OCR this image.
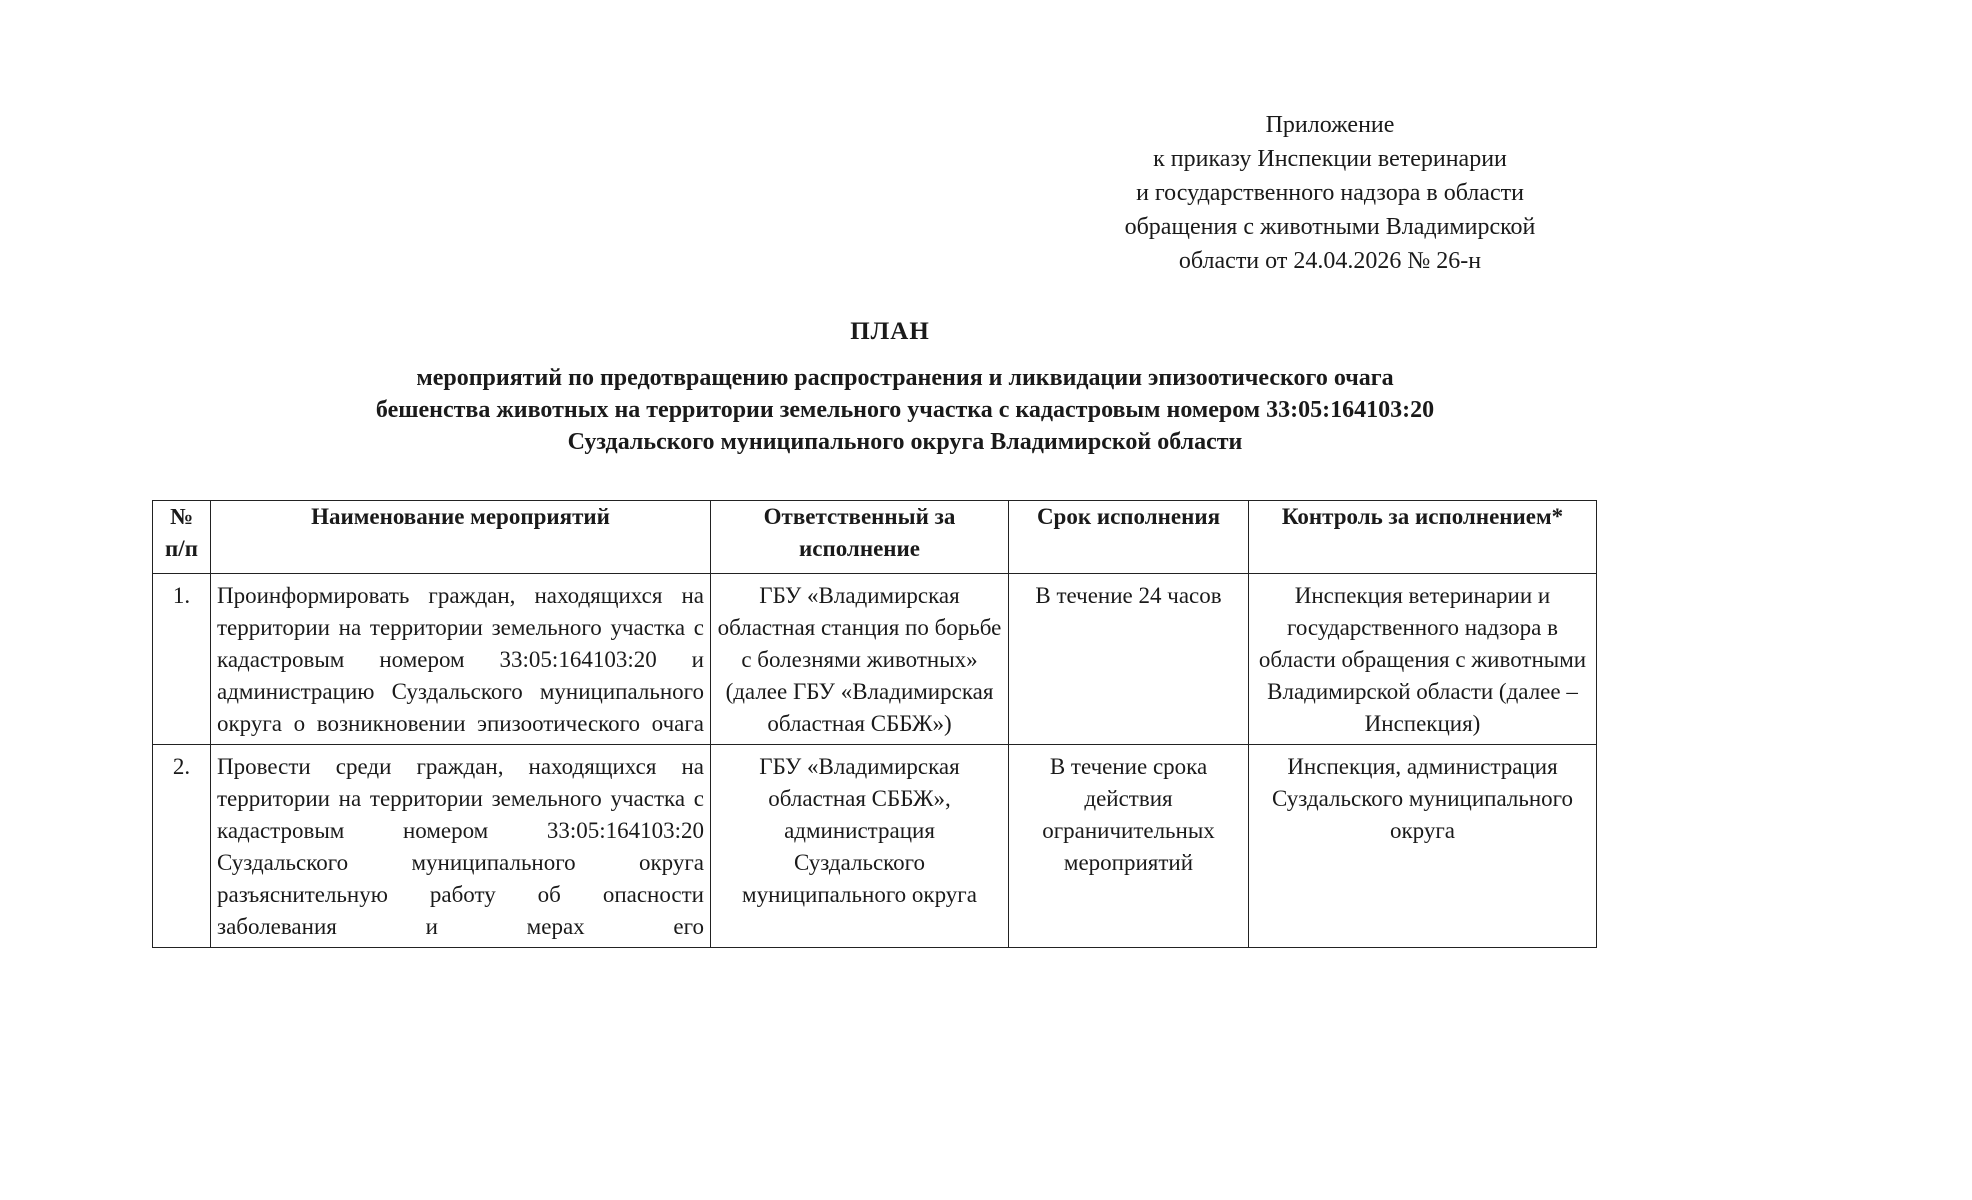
Приложение
к приказу Инспекции ветеринарии
и государственного надзора в области
обращения с животными Владимирской
области от 24.04.2026 № 26-н
ПЛАН
мероприятий по предотвращению распространения и ликвидации эпизоотического очага
бешенства животных на территории земельного участка с кадастровым номером 33:05:164103:20
Суздальского муниципального округа Владимирской области
№ п/п	Наименование мероприятий	Ответственный за исполнение	Срок исполнения	Контроль за исполнением*
1.	Проинформировать граждан, находящихся на территории на территории земельного участка с кадастровым номером 33:05:164103:20 и администрацию Суздальского муниципального округа о возникновении эпизоотического очага	ГБУ «Владимирская областная станция по борьбе с болезнями животных» (далее ГБУ «Владимирская областная СББЖ»)	В течение 24 часов	Инспекция ветеринарии и государственного надзора в области обращения с животными Владимирской области (далее – Инспекция)
2.	Провести среди граждан, находящихся на территории на территории земельного участка с кадастровым номером 33:05:164103:20 Суздальского муниципального округа разъяснительную работу об опасности заболевания и мерах его	ГБУ «Владимирская областная СББЖ», администрация Суздальского муниципального округа	В течение срока действия ограничительных мероприятий	Инспекция, администрация Суздальского муниципального округа
